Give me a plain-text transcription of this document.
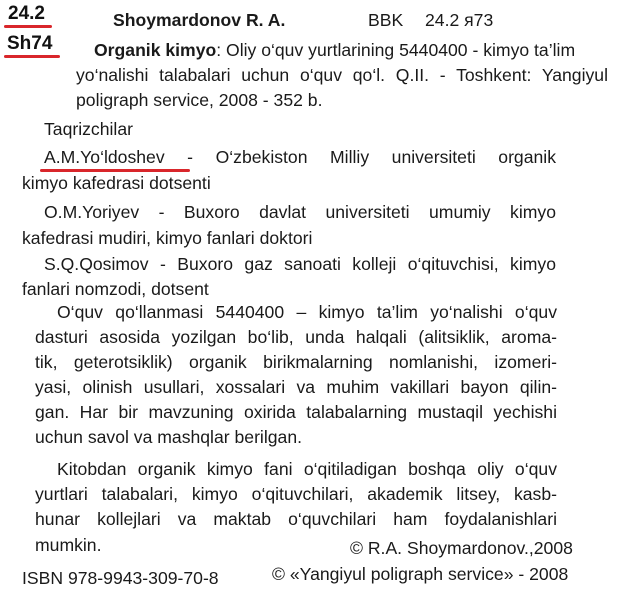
24.2
Sh74
Shoymardonov R. A.	BBK 24.2 я73
Organik kimyo: Oliy o‘quv yurtlarining 5440400 - kimyo ta’lim
yo‘nalishi talabalari uchun o‘quv qo‘l. Q.II. - Toshkent: Yangiyul
poligraph service, 2008 - 352 b.
Taqrizchilar
A.M.Yo‘ldoshev - O‘zbekiston Milliy universiteti organik
kimyo kafedrasi dotsenti
O.M.Yoriyev - Buxoro davlat universiteti umumiy kimyo
kafedrasi mudiri, kimyo fanlari doktori
S.Q.Qosimov - Buxoro gaz sanoati kolleji o‘qituvchisi, kimyo
fanlari nomzodi, dotsent
O‘quv qo‘llanmasi 5440400 – kimyo ta’lim yo‘nalishi o‘quv
dasturi asosida yozilgan bo‘lib, unda halqali (alitsiklik, aroma-
tik, geterotsiklik) organik birikmalarning nomlanishi, izomeri-
yasi, olinish usullari, xossalari va muhim vakillari bayon qilin-
gan. Har bir mavzuning oxirida talabalarning mustaqil yechishi
uchun savol va mashqlar berilgan.
Kitobdan organik kimyo fani o‘qitiladigan boshqa oliy o‘quv
yurtlari talabalari, kimyo o‘qituvchilari, akademik litsey, kasb-
hunar kollejlari va maktab o‘quvchilari ham foydalanishlari
mumkin.	© R.A. Shoymardonov.,2008
ISBN 978-9943-309-70-8	© «Yangiyul poligraph service» - 2008
